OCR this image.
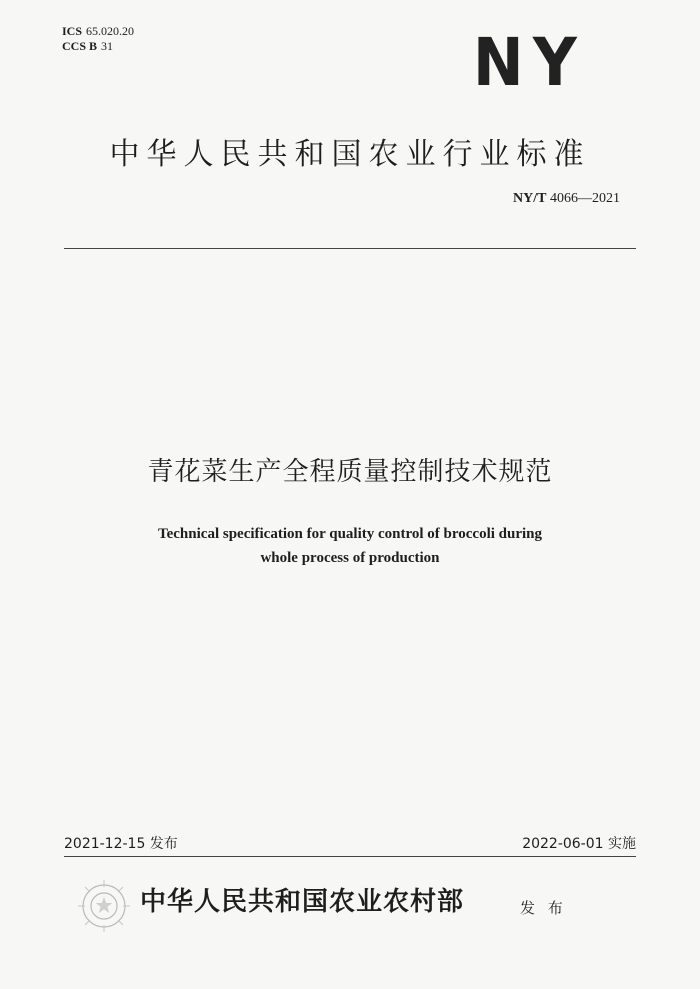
ICS 65.020.20
CCS B 31	NY
中华人民共和国农业行业标准
NY/T 4066—2021
青花菜生产全程质量控制技术规范
Technical specification for quality control of broccoli during
whole process of production
2021-12-15 发布	2022-06-01 实施
中华人民共和国农业农村部	发 布
